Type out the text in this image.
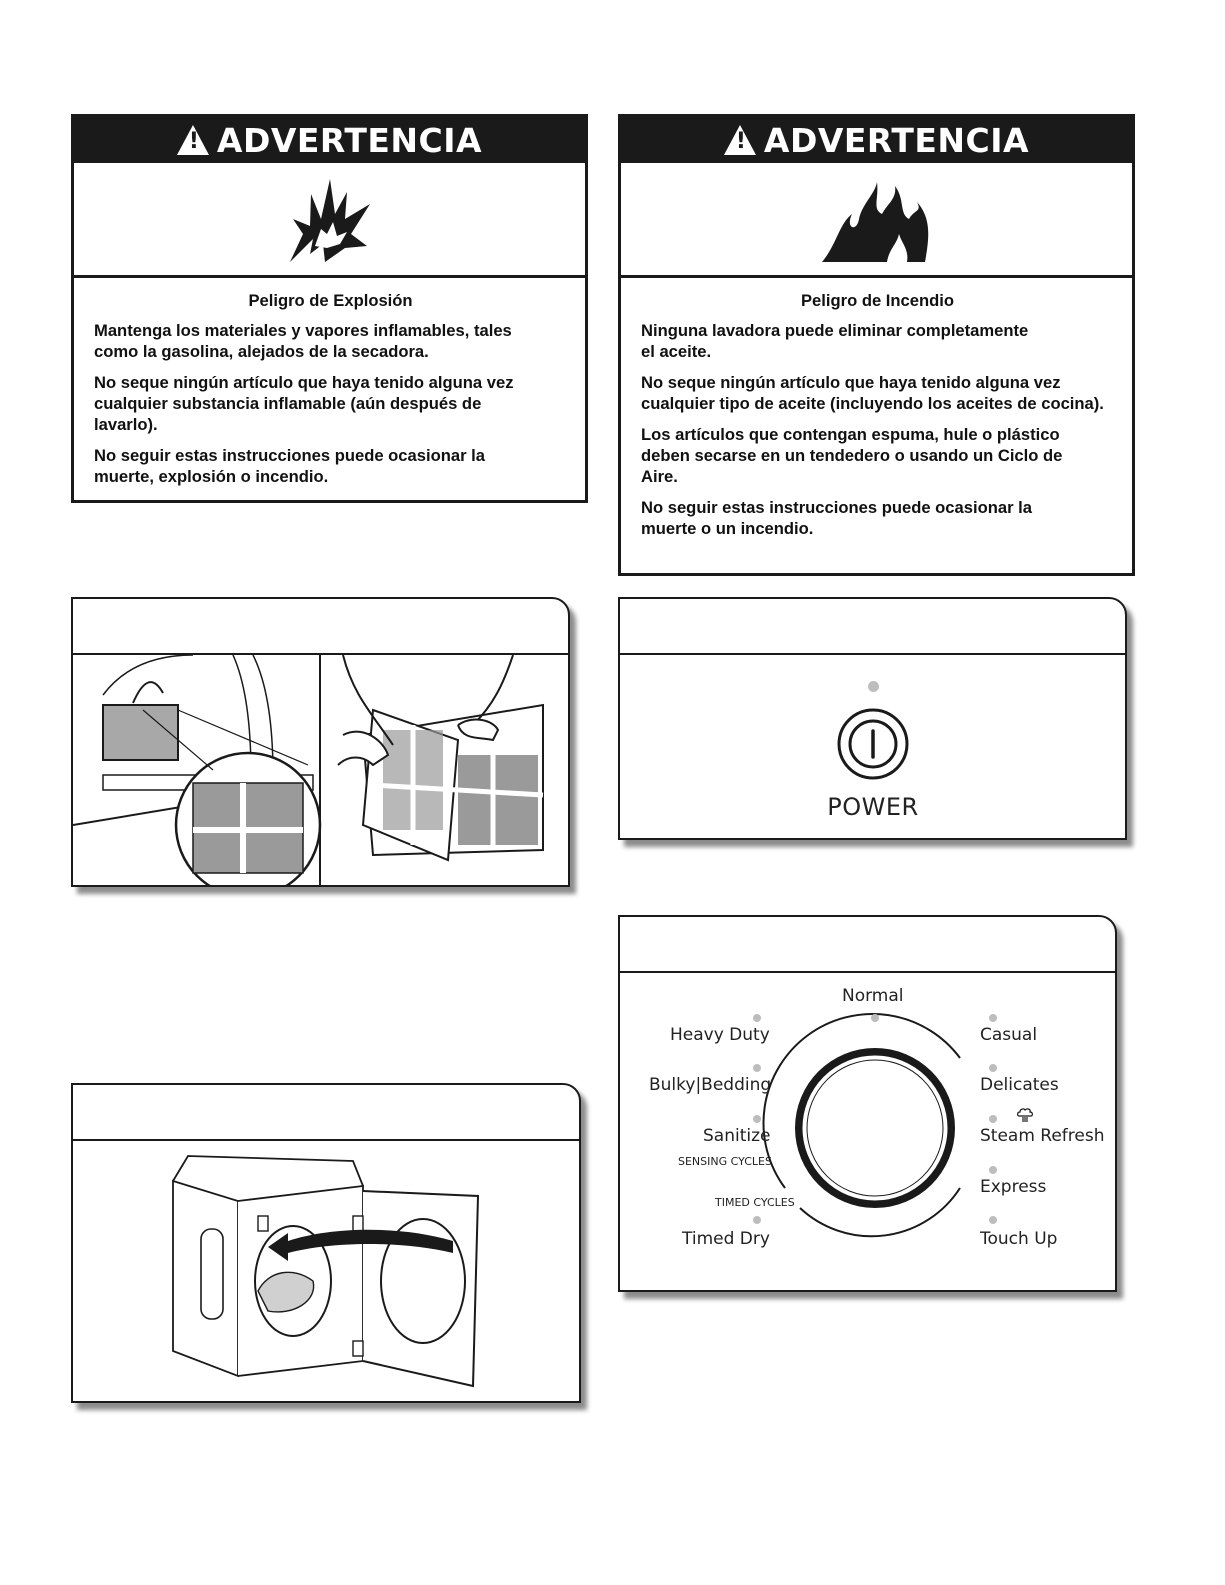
!
ADVERTENCIA
Peligro de Explosión

Mantenga los materiales y vapores inflamables, tales como la gasolina, alejados de la secadora.

No seque ningún artículo que haya tenido alguna vez cualquier substancia inflamable (aún después de lavarlo).

No seguir estas instrucciones puede ocasionar la muerte, explosión o incendio.

!
ADVERTENCIA
Peligro de Incendio

Ninguna lavadora puede eliminar completamente el aceite.

No seque ningún artículo que haya tenido alguna vez cualquier tipo de aceite (incluyendo los aceites de cocina).

Los artículos que contengan espuma, hule o plástico deben secarse en un tendedero o usando un Ciclo de Aire.

No seguir estas instrucciones puede ocasionar la muerte o un incendio.

POWER
Normal
Heavy Duty
Bulky|Bedding
Sanitize
SENSING CYCLES
TIMED CYCLES
Timed Dry
Casual
Delicates
Steam Refresh
Express
Touch Up
